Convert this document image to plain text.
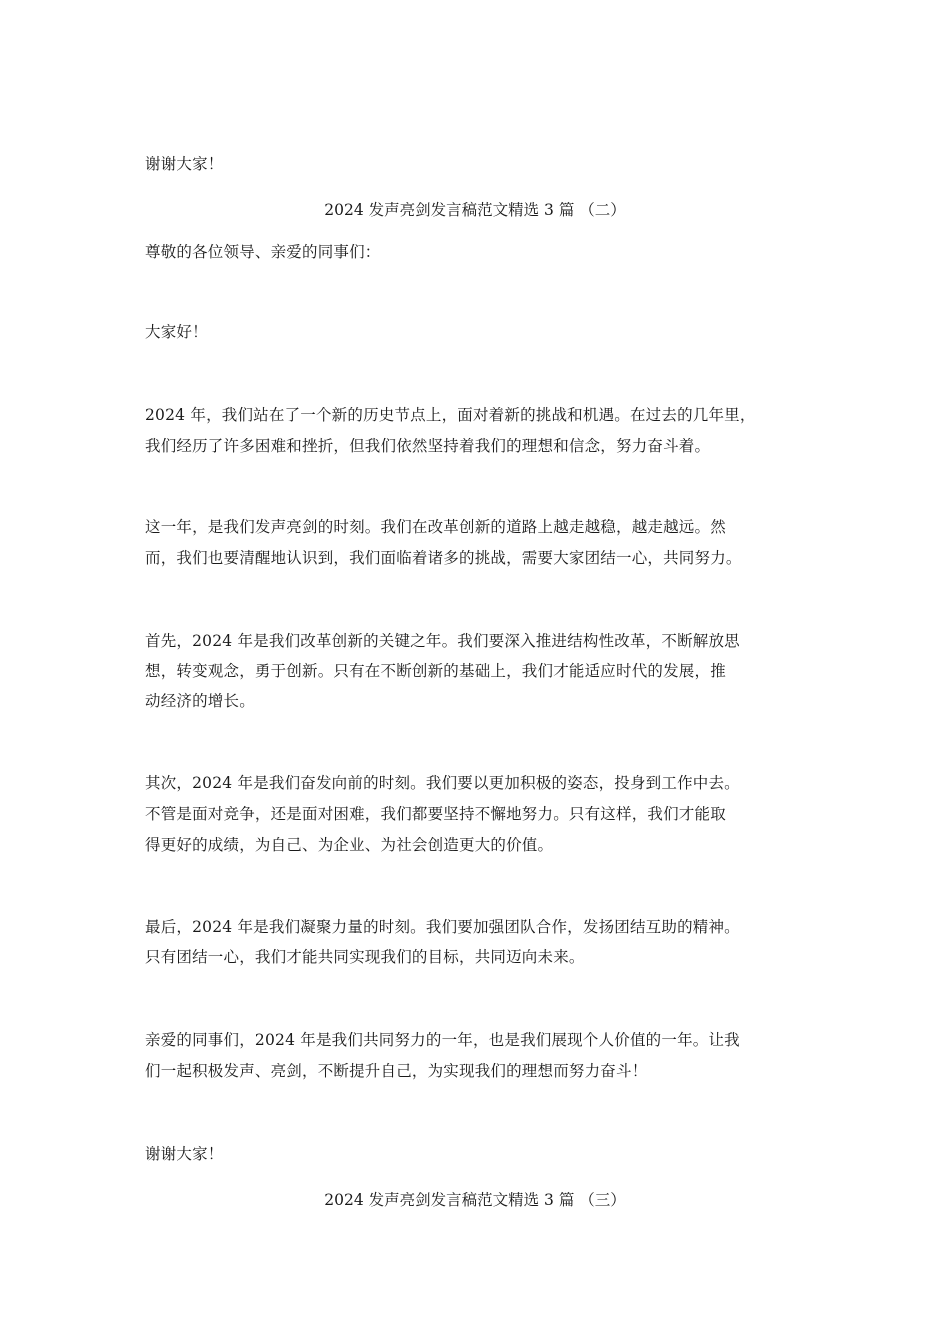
谢谢大家！
2024 发声亮剑发言稿范文精选 3 篇 （二）
尊敬的各位领导、亲爱的同事们：
大家好！
2024 年，我们站在了一个新的历史节点上，面对着新的挑战和机遇。在过去的几年里，
我们经历了许多困难和挫折，但我们依然坚持着我们的理想和信念，努力奋斗着。
这一年，是我们发声亮剑的时刻。我们在改革创新的道路上越走越稳，越走越远。然
而，我们也要清醒地认识到，我们面临着诸多的挑战，需要大家团结一心，共同努力。
首先，2024 年是我们改革创新的关键之年。我们要深入推进结构性改革，不断解放思
想，转变观念，勇于创新。只有在不断创新的基础上，我们才能适应时代的发展，推
动经济的增长。
其次，2024 年是我们奋发向前的时刻。我们要以更加积极的姿态，投身到工作中去。
不管是面对竞争，还是面对困难，我们都要坚持不懈地努力。只有这样，我们才能取
得更好的成绩，为自己、为企业、为社会创造更大的价值。
最后，2024 年是我们凝聚力量的时刻。我们要加强团队合作，发扬团结互助的精神。
只有团结一心，我们才能共同实现我们的目标，共同迈向未来。
亲爱的同事们，2024 年是我们共同努力的一年，也是我们展现个人价值的一年。让我
们一起积极发声、亮剑，不断提升自己，为实现我们的理想而努力奋斗！
谢谢大家！
2024 发声亮剑发言稿范文精选 3 篇 （三）
